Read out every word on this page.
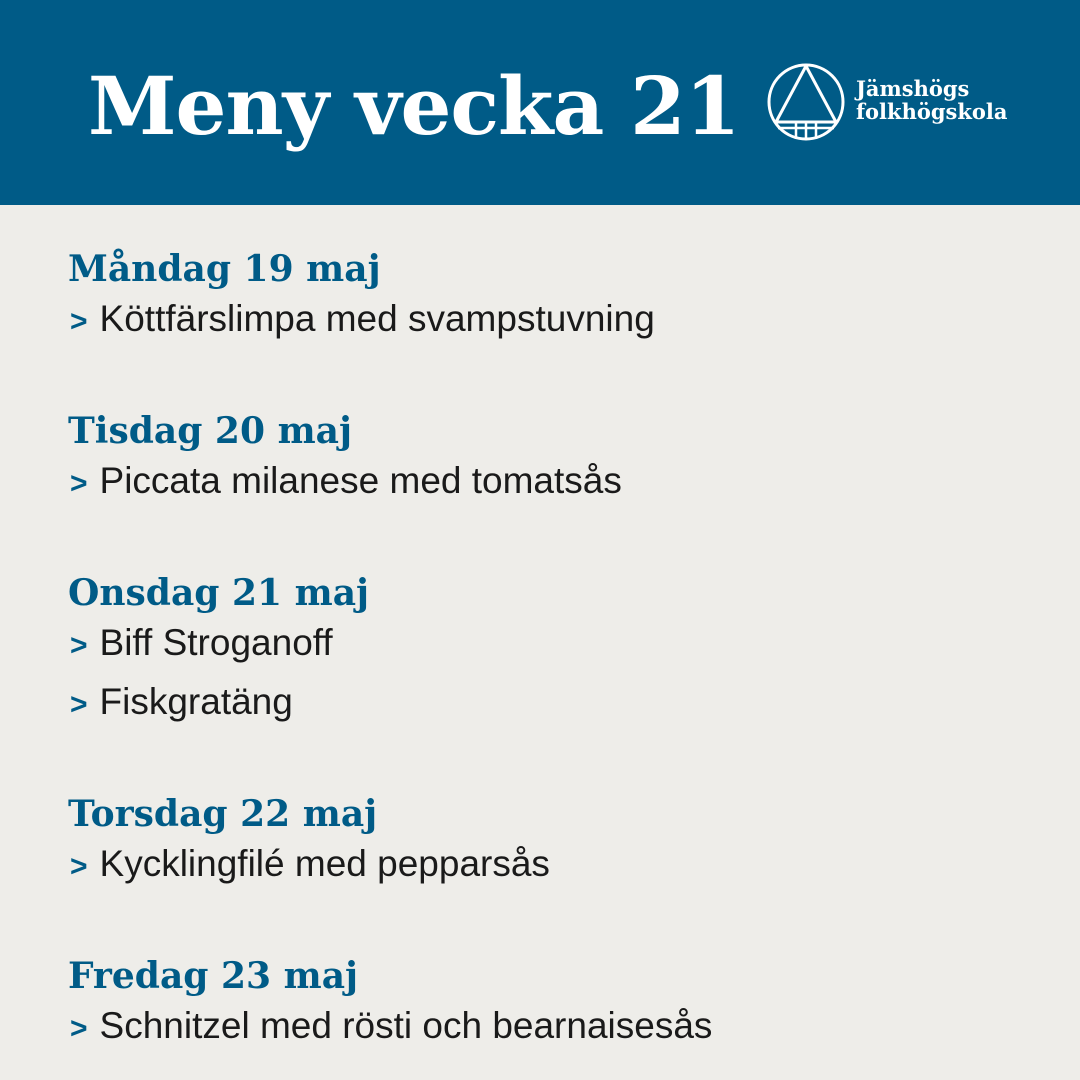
Meny vecka 21	Jämshögs
folkhögskola
Måndag 19 maj
> Köttfärslimpa med svampstuvning
Tisdag 20 maj
> Piccata milanese med tomatsås
Onsdag 21 maj
> Biff Stroganoff
> Fiskgratäng
Torsdag 22 maj
> Kycklingfilé med pepparsås
Fredag 23 maj
> Schnitzel med rösti och bearnaisesås
